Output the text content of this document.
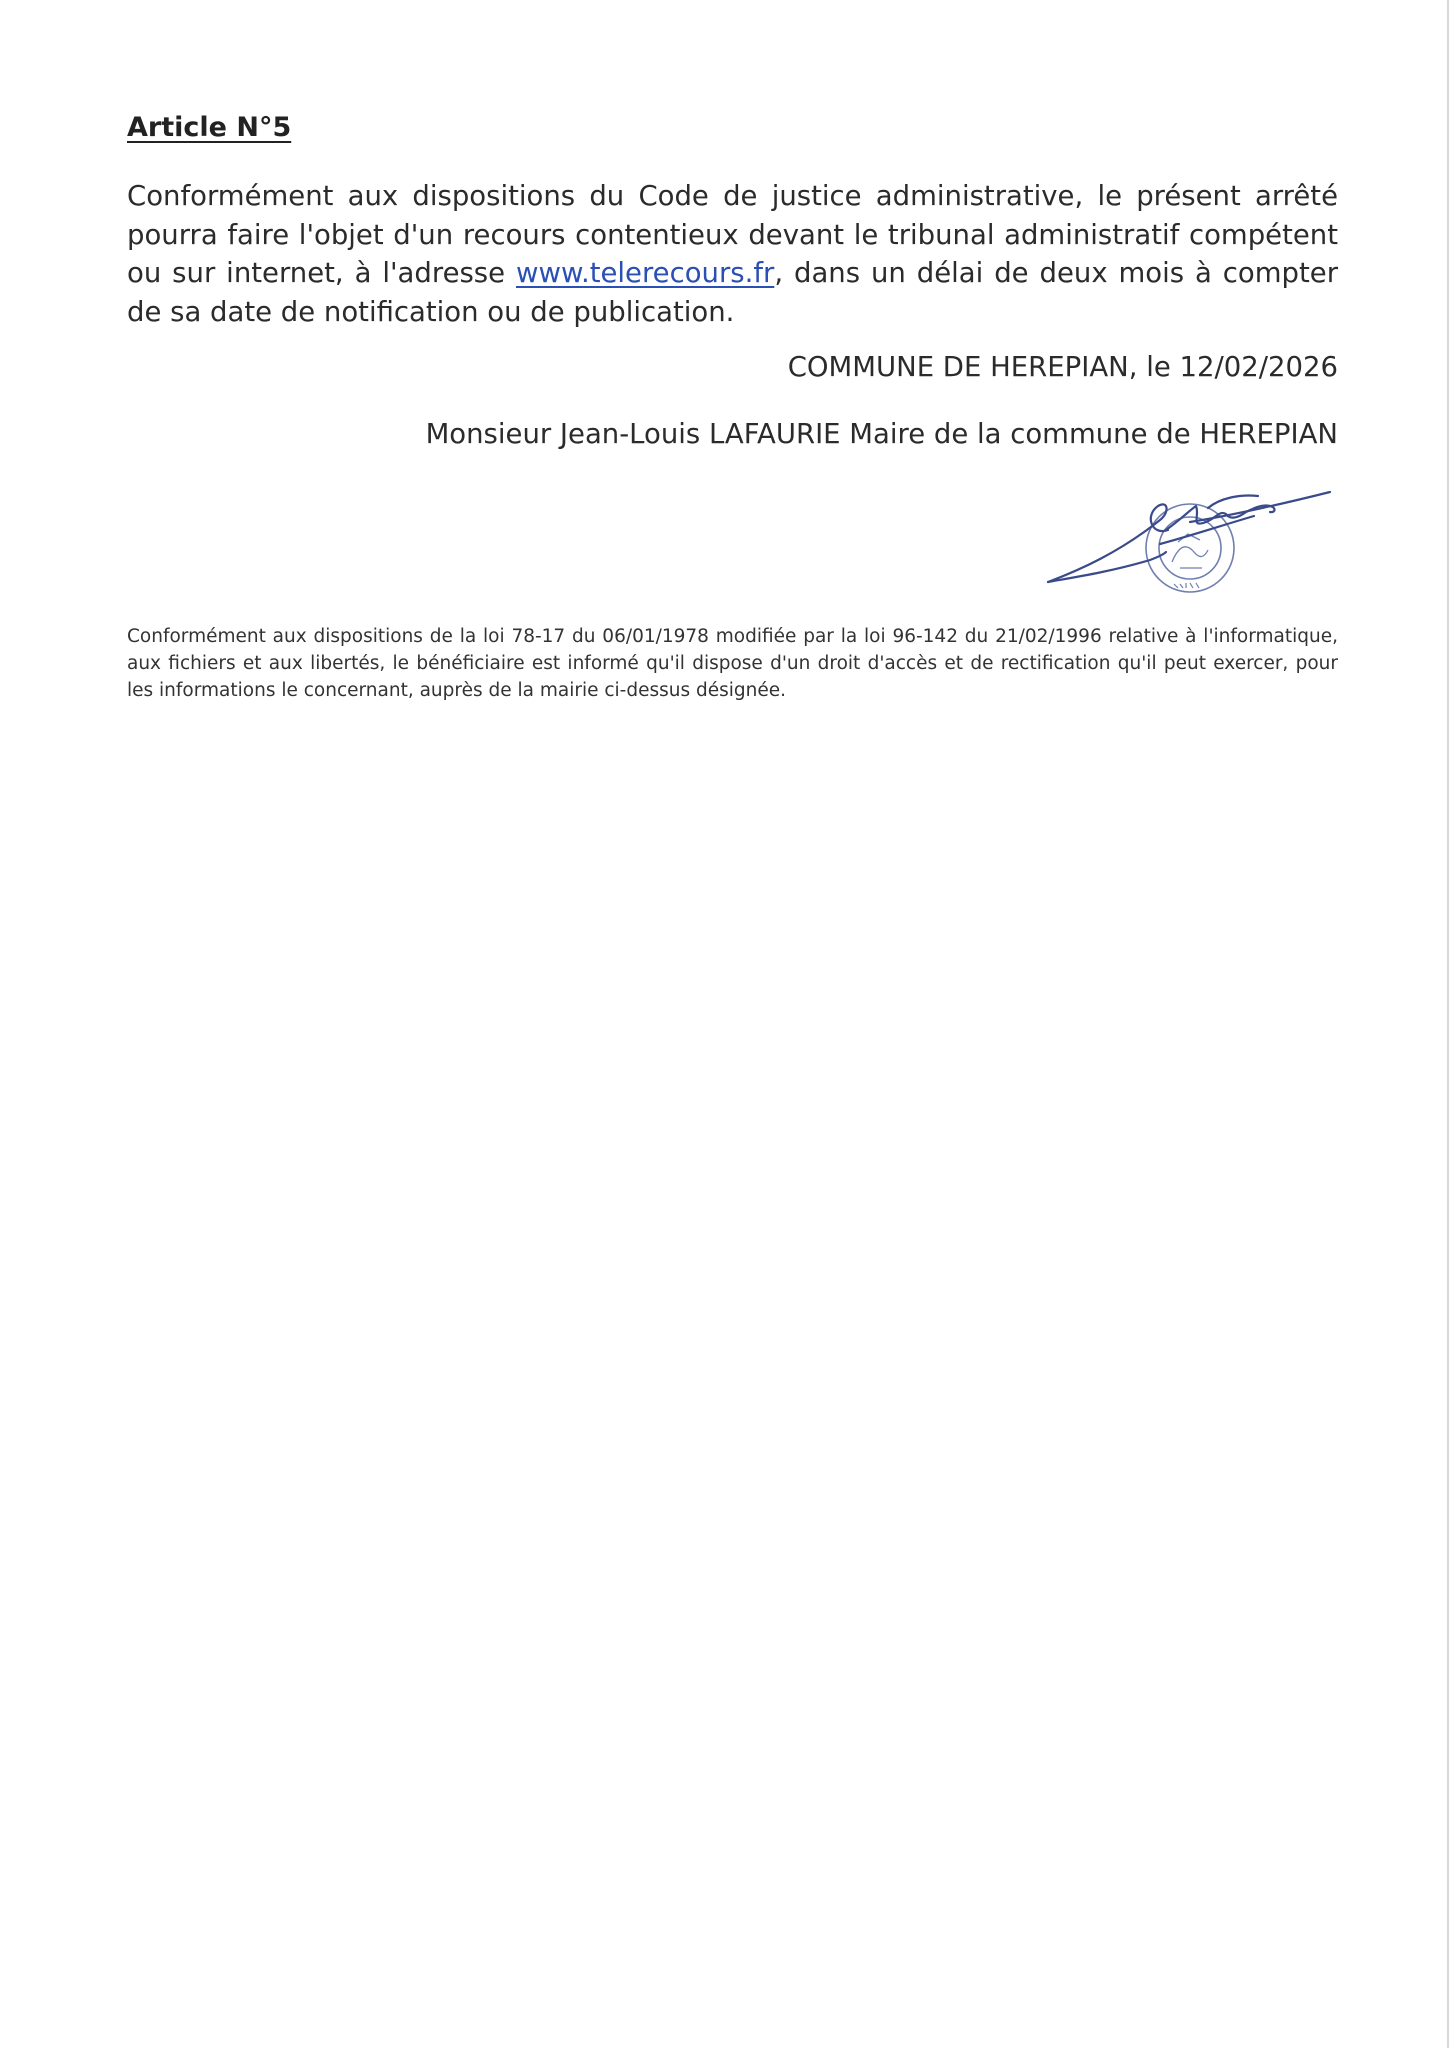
Article N°5

Conformément aux dispositions du Code de justice administrative, le présent arrêté pourra faire l'objet d'un recours contentieux devant le tribunal administratif compétent ou sur internet, à l'adresse www.telerecours.fr, dans un délai de deux mois à compter de sa date de notification ou de publication.

COMMUNE DE HEREPIAN, le 12/02/2026

Monsieur Jean-Louis LAFAURIE Maire de la commune de HEREPIAN

Conformément aux dispositions de la loi 78-17 du 06/01/1978 modifiée par la loi 96-142 du 21/02/1996 relative à l'informatique, aux fichiers et aux libertés, le bénéficiaire est informé qu'il dispose d'un droit d'accès et de rectification qu'il peut exercer, pour les informations le concernant, auprès de la mairie ci-dessus désignée.
